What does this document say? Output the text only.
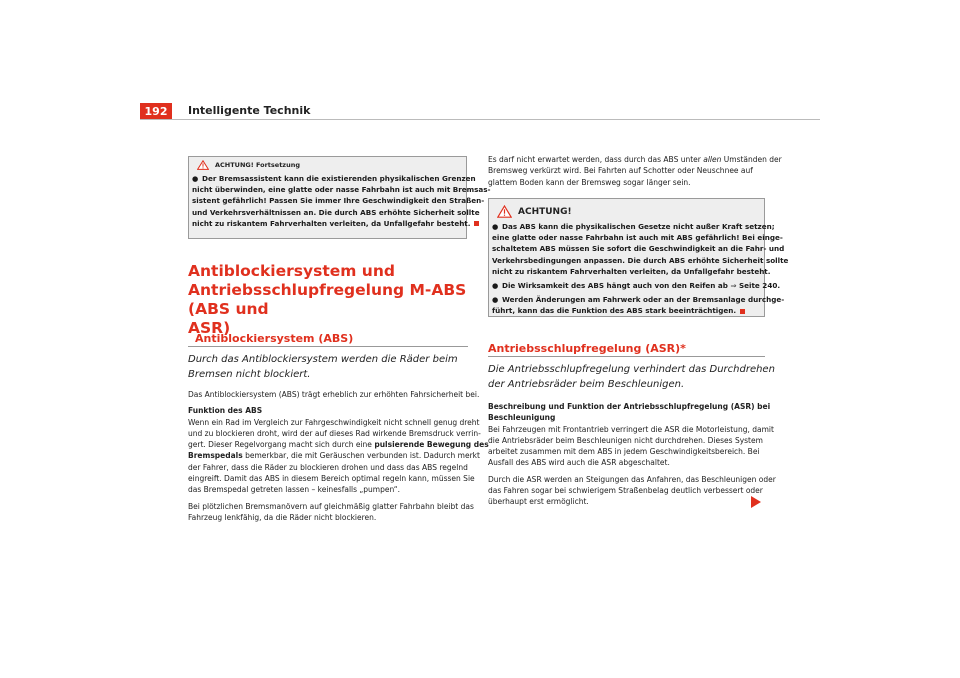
192	Intelligente Technik
ACHTUNG! Fortsetzung
● Der Bremsassistent kann die existierenden physikalischen Grenzen
nicht überwinden, eine glatte oder nasse Fahrbahn ist auch mit Bremsas-
sistent gefährlich! Passen Sie immer Ihre Geschwindigkeit den Straßen-
und Verkehrsverhältnissen an. Die durch ABS erhöhte Sicherheit sollte
nicht zu riskantem Fahrverhalten verleiten, da Unfallgefahr besteht.
Antiblockiersystem und
Antriebsschlupfregelung M-ABS (ABS und
ASR)
Antiblockiersystem (ABS)
Durch das Antiblockiersystem werden die Räder beim
Bremsen nicht blockiert.
Das Antiblockiersystem (ABS) trägt erheblich zur erhöhten Fahrsicherheit bei.
Funktion des ABS
Wenn ein Rad im Vergleich zur Fahrgeschwindigkeit nicht schnell genug dreht
und zu blockieren droht, wird der auf dieses Rad wirkende Bremsdruck verrin-
gert. Dieser Regelvorgang macht sich durch eine pulsierende Bewegung des
Bremspedals bemerkbar, die mit Geräuschen verbunden ist. Dadurch merkt
der Fahrer, dass die Räder zu blockieren drohen und dass das ABS regelnd
eingreift. Damit das ABS in diesem Bereich optimal regeln kann, müssen Sie
das Bremspedal getreten lassen – keinesfalls „pumpen“.
Bei plötzlichen Bremsmanövern auf gleichmäßig glatter Fahrbahn bleibt das
Fahrzeug lenkfähig, da die Räder nicht blockieren.
Es darf nicht erwartet werden, dass durch das ABS unter allen Umständen der
Bremsweg verkürzt wird. Bei Fahrten auf Schotter oder Neuschnee auf
glattem Boden kann der Bremsweg sogar länger sein.
ACHTUNG!
● Das ABS kann die physikalischen Gesetze nicht außer Kraft setzen;
eine glatte oder nasse Fahrbahn ist auch mit ABS gefährlich! Bei einge-
schaltetem ABS müssen Sie sofort die Geschwindigkeit an die Fahr- und
Verkehrsbedingungen anpassen. Die durch ABS erhöhte Sicherheit sollte
nicht zu riskantem Fahrverhalten verleiten, da Unfallgefahr besteht.
● Die Wirksamkeit des ABS hängt auch von den Reifen ab ⇒ Seite 240.
● Werden Änderungen am Fahrwerk oder an der Bremsanlage durchge-
führt, kann das die Funktion des ABS stark beeinträchtigen.
Antriebsschlupfregelung (ASR)*
Die Antriebsschlupfregelung verhindert das Durchdrehen
der Antriebsräder beim Beschleunigen.
Beschreibung und Funktion der Antriebsschlupfregelung (ASR) bei
Beschleunigung
Bei Fahrzeugen mit Frontantrieb verringert die ASR die Motorleistung, damit
die Antriebsräder beim Beschleunigen nicht durchdrehen. Dieses System
arbeitet zusammen mit dem ABS in jedem Geschwindigkeitsbereich. Bei
Ausfall des ABS wird auch die ASR abgeschaltet.
Durch die ASR werden an Steigungen das Anfahren, das Beschleunigen oder
das Fahren sogar bei schwierigem Straßenbelag deutlich verbessert oder
überhaupt erst ermöglicht.
